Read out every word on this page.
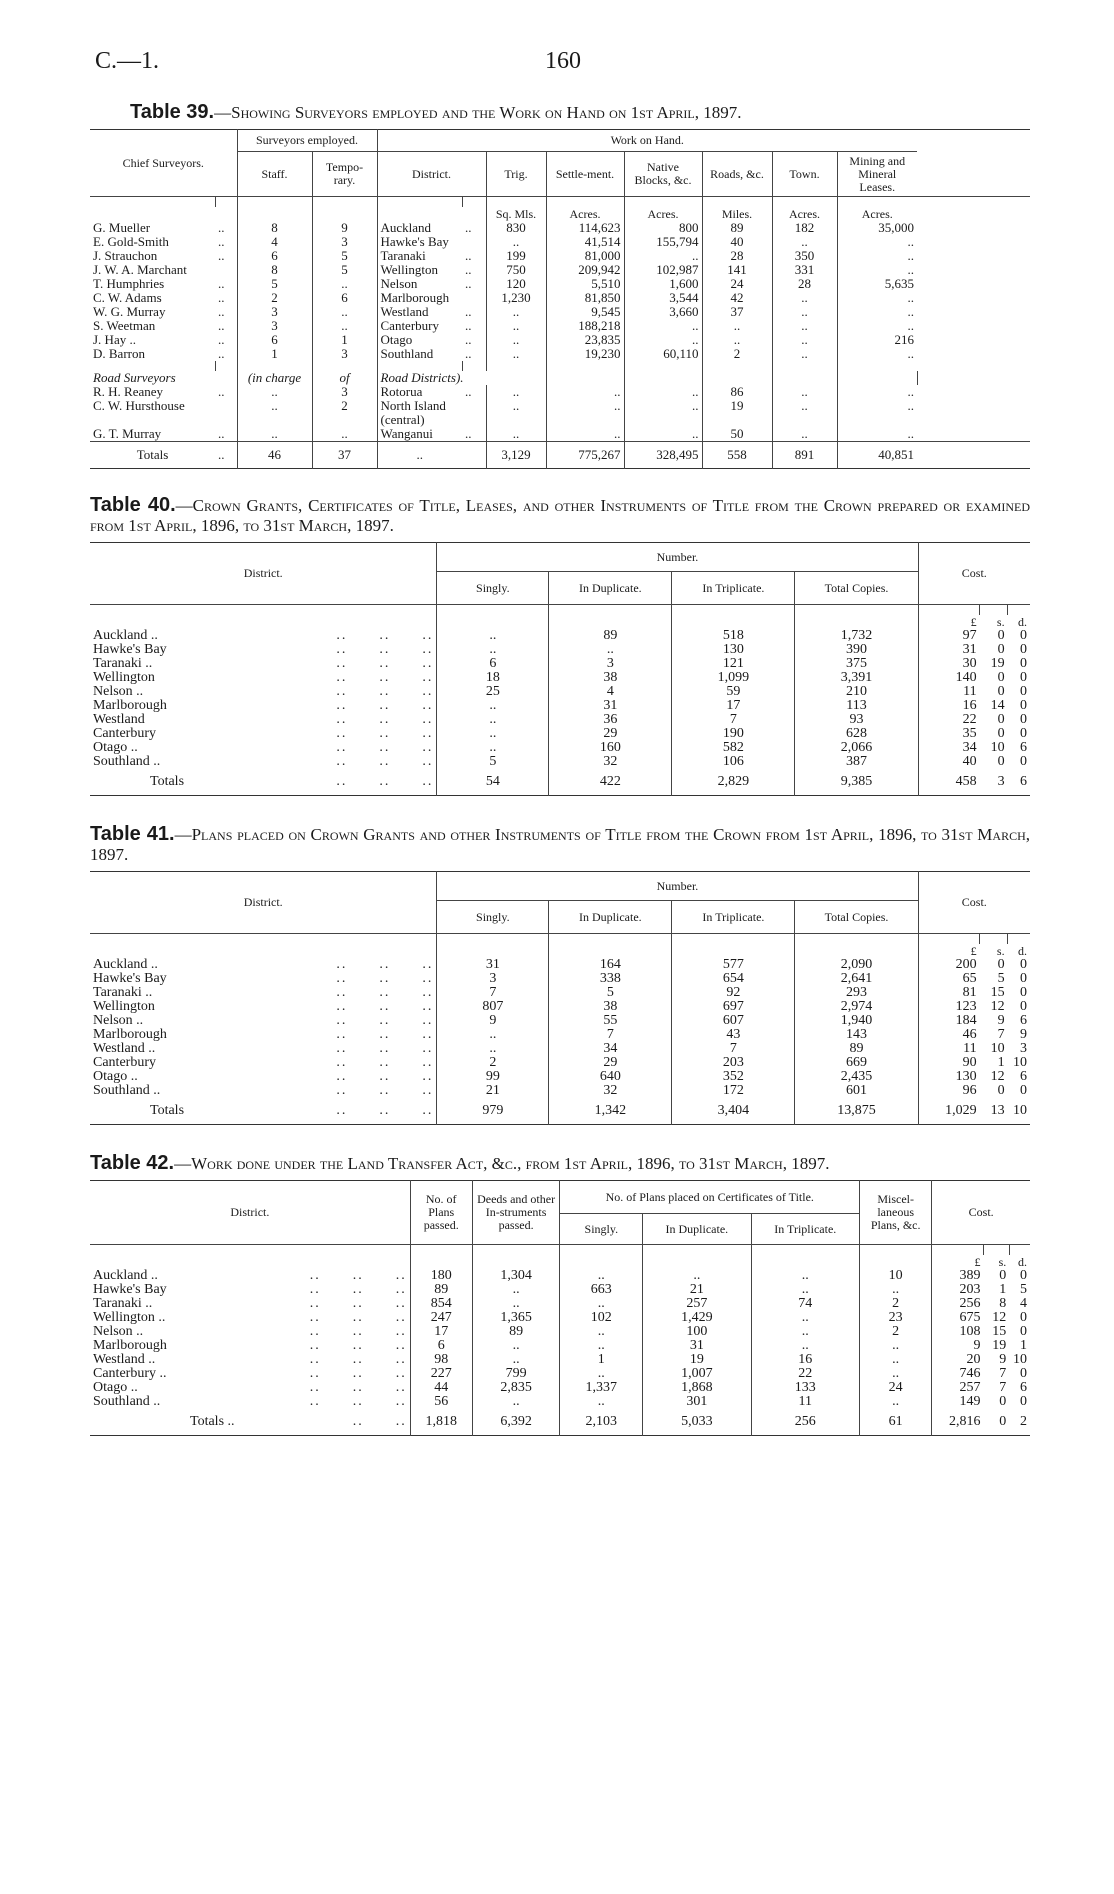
C.—1.	160

Table 39.—Showing Surveyors employed and the Work on Hand on 1st April, 1897.

Chief Surveyors.		Surveyors employed.		Work on Hand.								
		Staff.	Tempo-rary.	District.		Trig.	Settle-ment.	Native Blocks, &c.	Roads, &c.	Town.	Mining and Mineral Leases.	

						Sq. Mls.	Acres.	Acres.	Miles.	Acres.	Acres.	
G. Mueller	..	8	9	Auckland	..	830	114,623	800	89	182	35,000	
E. Gold-Smith	..	4	3	Hawke's Bay		..	41,514	155,794	40	..	..	
J. Strauchon	..	6	5	Taranaki	..	199	81,000	..	28	350	..	
J. W. A. Marchant		8	5	Wellington	..	750	209,942	102,987	141	331	..	
T. Humphries	..	5	..	Nelson	..	120	5,510	1,600	24	28	5,635	
C. W. Adams	..	2	6	Marlborough		1,230	81,850	3,544	42	..	..	
W. G. Murray	..	3	..	Westland	..	..	9,545	3,660	37	..	..	
S. Weetman	..	3	..	Canterbury	..	..	188,218	..	..	..	..	
J. Hay ..	..	6	1	Otago	..	..	23,835	..	..	..	216	
D. Barron	..	1	3	Southland	..	..	19,230	60,110	2	..	..	

Road Surveyors		(in charge	of	Road Districts).								
R. H. Reaney	..	..	3	Rotorua	..	..	..	..	86	..	..	
C. W. Hursthouse		..	2	North Island (central)		..	..	..	19	..	..	
G. T. Murray	..	..	..	Wanganui	..	..	..	..	50	..	..	
Totals	..	46	37	..		3,129	775,267	328,495	558	891	40,851	

Table 40.—Crown Grants, Certificates of Title, Leases, and other Instruments of Title from the Crown prepared or examined from 1st April, 1896, to 31st March, 1897.

District.	Number.				Cost.		
	Singly.	In Duplicate.	In Triplicate.	Total Copies.			

					£	s.	d.
Auckland .. ..  ..  ..	..	89	518	1,732	97	0	0
Hawke's Bay ..  ..  ..	..	..	130	390	31	0	0
Taranaki .. ..  ..  ..	6	3	121	375	30	19	0
Wellington ..  ..  ..	18	38	1,099	3,391	140	0	0
Nelson .. ..  ..  ..	25	4	59	210	11	0	0
Marlborough ..  ..  ..	..	31	17	113	16	14	0
Westland ..  ..  ..	..	36	7	93	22	0	0
Canterbury ..  ..  ..	..	29	190	628	35	0	0
Otago .. ..  ..  ..	..	160	582	2,066	34	10	6
Southland .. ..  ..  ..	5	32	106	387	40	0	0
Totals ..  ..  ..	54	422	2,829	9,385	458	3	6

Table 41.—Plans placed on Crown Grants and other Instruments of Title from the Crown from 1st April, 1896, to 31st March, 1897.

District.	Number.				Cost.		
	Singly.	In Duplicate.	In Triplicate.	Total Copies.			

					£	s.	d.
Auckland .. ..  ..  ..	31	164	577	2,090	200	0	0
Hawke's Bay ..  ..  ..	3	338	654	2,641	65	5	0
Taranaki .. ..  ..  ..	7	5	92	293	81	15	0
Wellington ..  ..  ..	807	38	697	2,974	123	12	0
Nelson .. ..  ..  ..	9	55	607	1,940	184	9	6
Marlborough ..  ..  ..	..	7	43	143	46	7	9
Westland .. ..  ..  ..	..	34	7	89	11	10	3
Canterbury ..  ..  ..	2	29	203	669	90	1	10
Otago .. ..  ..  ..	99	640	352	2,435	130	12	6
Southland .. ..  ..  ..	21	32	172	601	96	0	0
Totals ..  ..  ..	979	1,342	3,404	13,875	1,029	13	10

Table 42.—Work done under the Land Transfer Act, &c., from 1st April, 1896, to 31st March, 1897.

District.	No. of Plans passed.	Deeds and other In-struments passed.	No. of Plans placed on Certificates of Title.			Miscel-laneous Plans, &c.	Cost.		
			Singly.	In Duplicate.	In Triplicate.				

							£	s.	d.
Auckland .. ..  ..  ..	180	1,304	..	..	..	10	389	0	0
Hawke's Bay ..  ..  ..	89	..	663	21	..	..	203	1	5
Taranaki .. ..  ..  ..	854	..	..	257	74	2	256	8	4
Wellington .. ..  ..  ..	247	1,365	102	1,429	..	23	675	12	0
Nelson .. ..  ..  ..	17	89	..	100	..	2	108	15	0
Marlborough ..  ..  ..	6	..	..	31	..	..	9	19	1
Westland .. ..  ..  ..	98	..	1	19	16	..	20	9	10
Canterbury .. ..  ..  ..	227	799	..	1,007	22	..	746	7	0
Otago .. ..  ..  ..	44	2,835	1,337	1,868	133	24	257	7	6
Southland .. ..  ..  ..	56	..	..	301	11	..	149	0	0
Totals .. ..  ..	1,818	6,392	2,103	5,033	256	61	2,816	0	2
